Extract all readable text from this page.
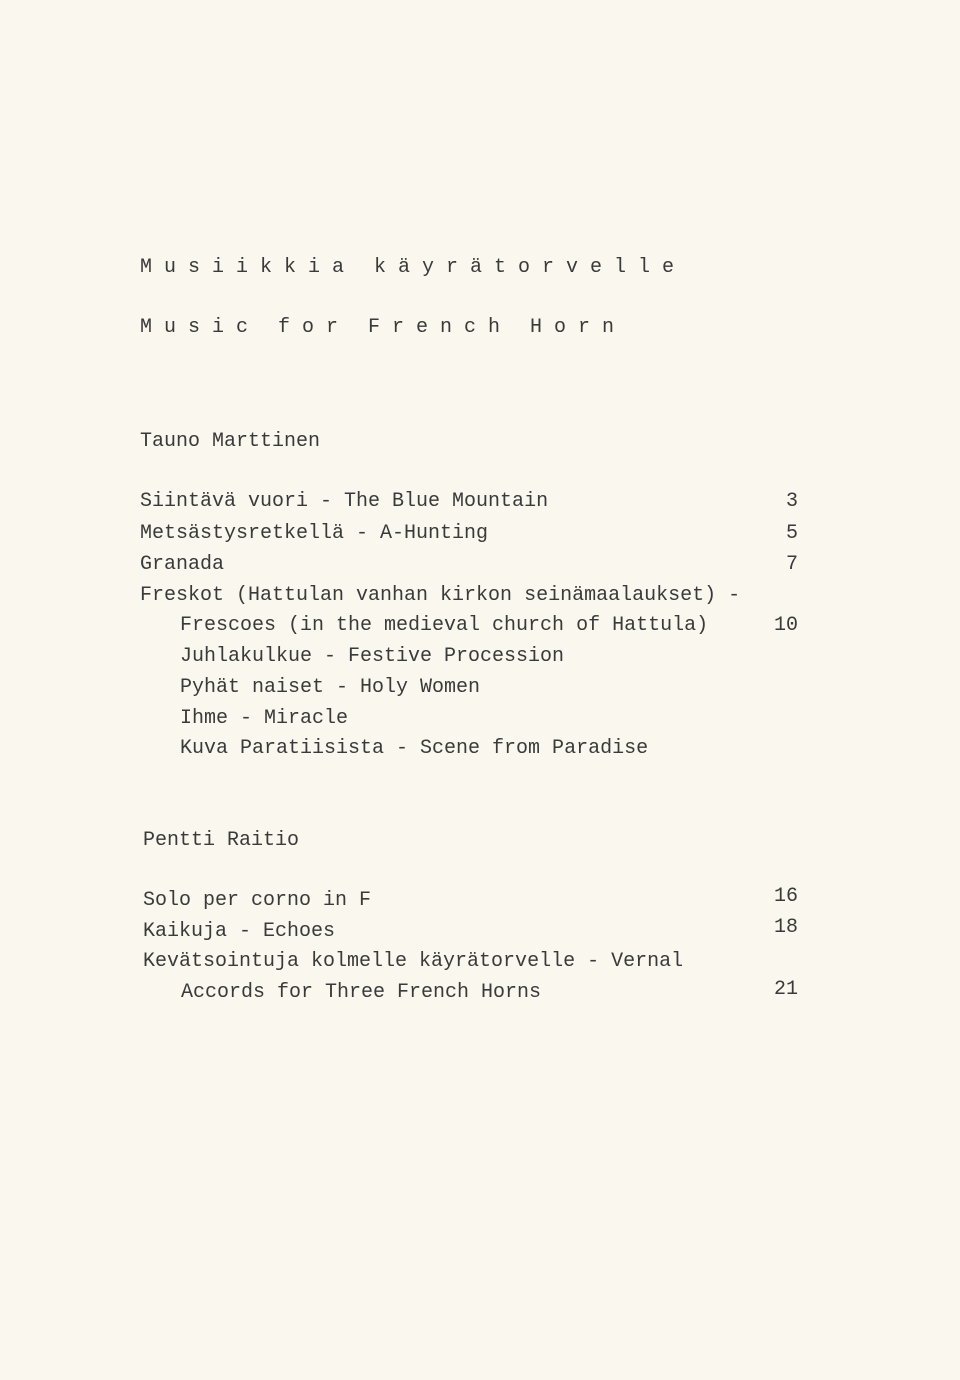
Musiikkia käyrätorvelle
Music for French Horn
Tauno Marttinen
Siintävä vuori - The Blue Mountain	3
Metsästysretkellä - A-Hunting	5
Granada	7
Freskot (Hattulan vanhan kirkon seinämaalaukset) -
Frescoes (in the medieval church of Hattula)	10
Juhlakulkue - Festive Procession
Pyhät naiset - Holy Women
Ihme - Miracle
Kuva Paratiisista - Scene from Paradise
Pentti Raitio
Solo per corno in F	16
Kaikuja - Echoes	18
Kevätsointuja kolmelle käyrätorvelle - Vernal
Accords for Three French Horns	21
